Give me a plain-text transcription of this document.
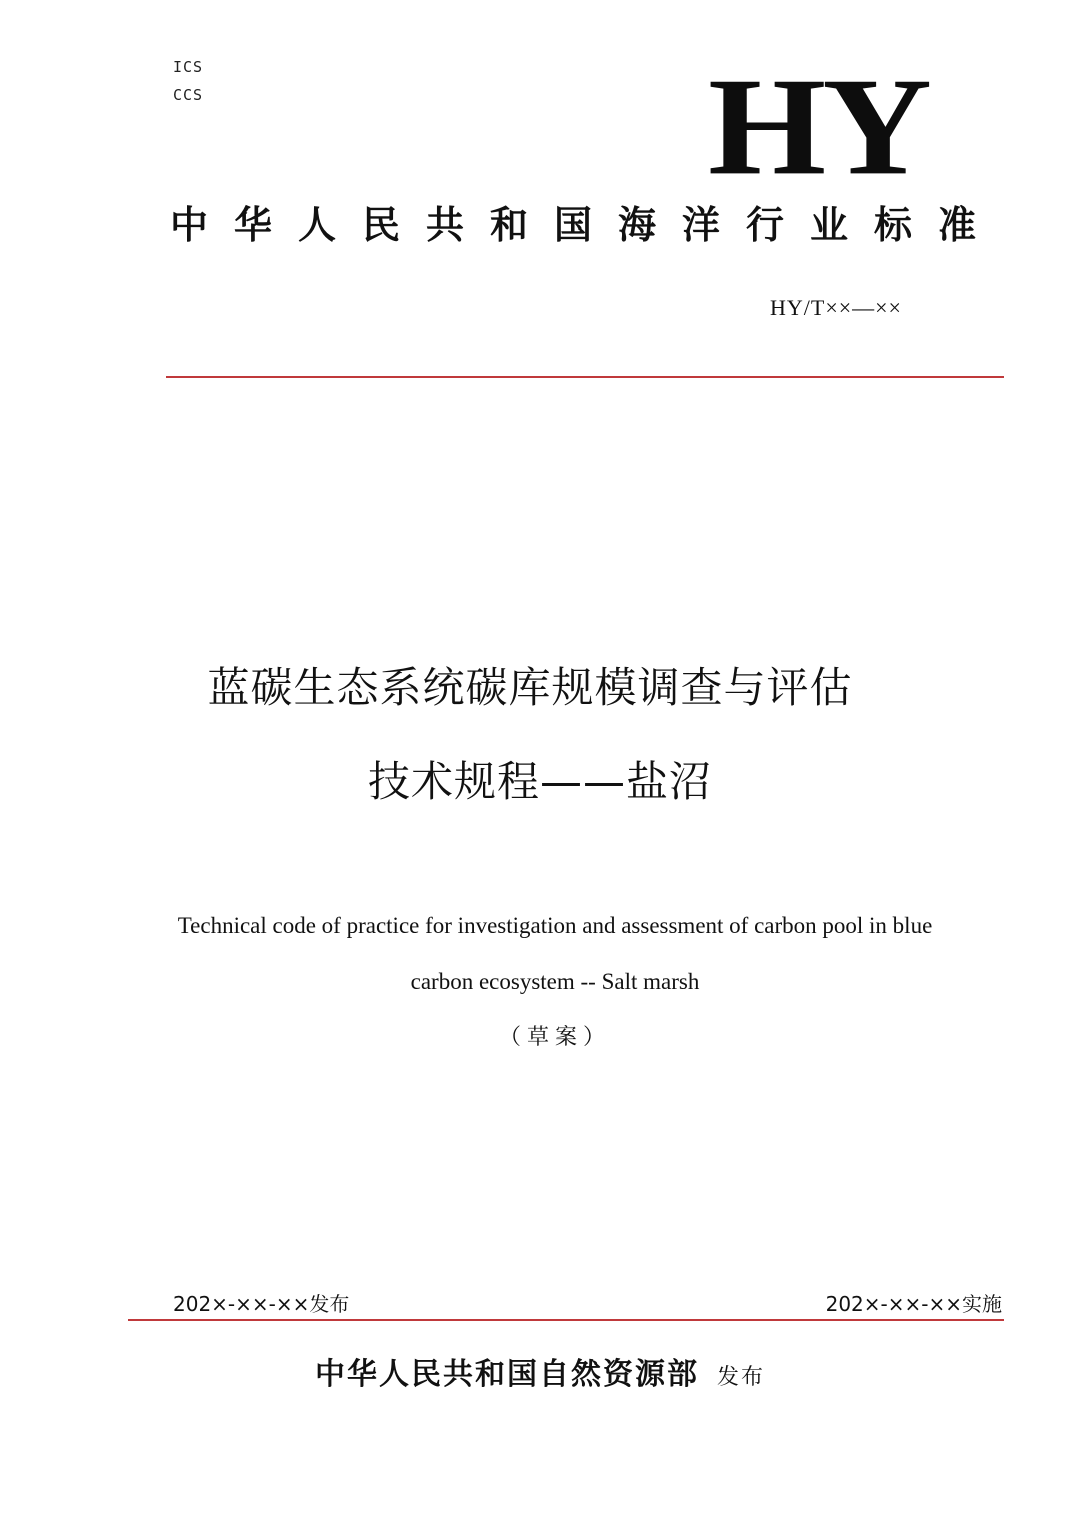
ICS
CCS	HY
中华人民共和国海洋行业标准
HY/T××—××
蓝碳生态系统碳库规模调查与评估
技术规程——盐沼
Technical code of practice for investigation and assessment of carbon pool in blue
carbon ecosystem -- Salt marsh
（草案）
202×-××-××发布	202×-××-××实施
中华人民共和国自然资源部 发布
